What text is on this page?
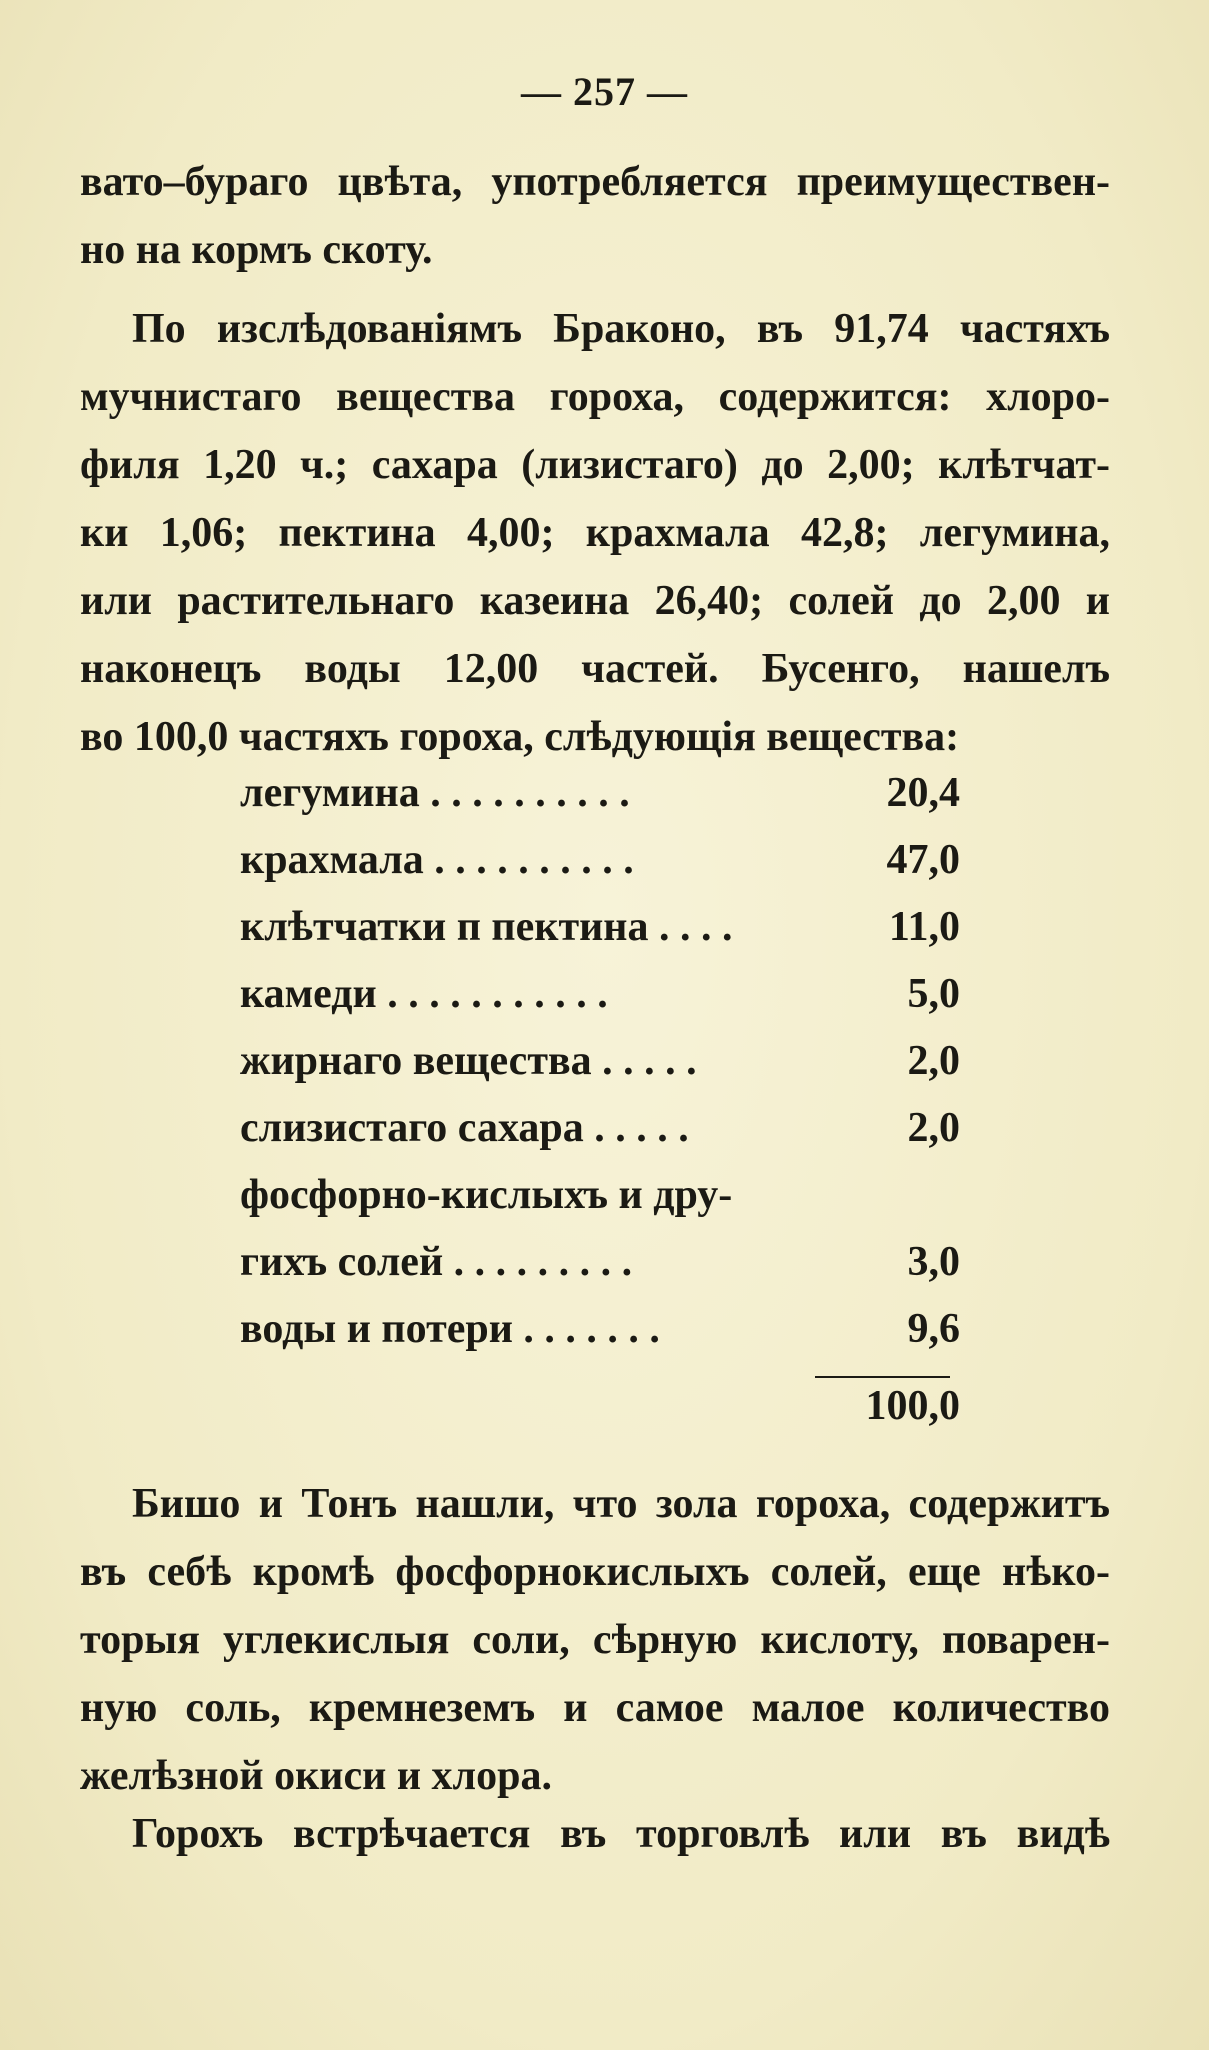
— 257 —
вато–бураго цвѣта, употребляется преимуществен-
но на кормъ скоту.
По изслѣдованіямъ Браконо, въ 91,74 частяхъ
мучнистаго вещества гороха, содержится: хлоро-
филя 1,20 ч.; сахара (лизистаго) до 2,00; клѣтчат-
ки 1,06; пектина 4,00; крахмала 42,8; легумина,
или растительнаго казеина 26,40; солей до 2,00 и
наконецъ воды 12,00 частей. Бусенго, нашелъ
во 100,0 частяхъ гороха, слѣдующія вещества:
легумина . . . . . . . . . .	20,4
крахмала . . . . . . . . . .	47,0
клѣтчатки п пектина . . . .	11,0
камеди . . . . . . . . . . .	5,0
жирнаго вещества . . . . .	2,0
слизистаго сахара . . . . .	2,0
фосфорно-кислыхъ и дру-
гихъ солей . . . . . . . . .	3,0
воды и потери . . . . . . .	9,6
100,0
Бишо и Тонъ нашли, что зола гороха, содержитъ
въ себѣ кромѣ фосфорнокислыхъ солей, еще нѣко-
торыя углекислыя соли, сѣрную кислоту, поварен-
ную соль, кремнеземъ и самое малое количество
желѣзной окиси и хлора.
Горохъ встрѣчается въ торговлѣ или въ видѣ
